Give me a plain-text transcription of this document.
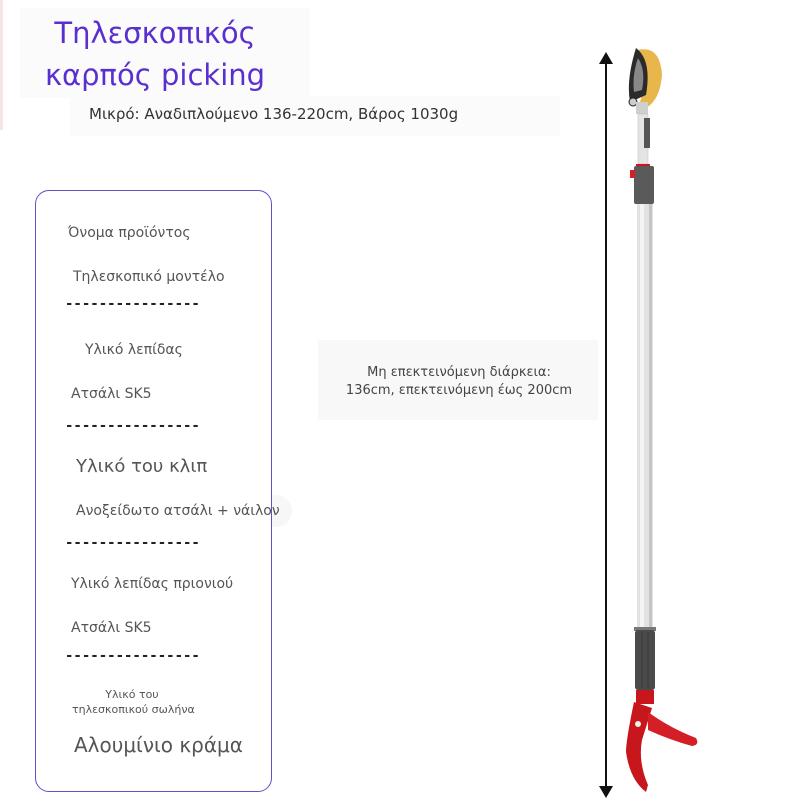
Τηλεσκοπικός καρπός picking
Μικρό: Αναδιπλούμενο 136-220cm, Βάρος 1030g
Όνομα προϊόντος
Τηλεσκοπικό μοντέλο
----------------
Υλικό λεπίδας
Ατσάλι SK5
----------------
Υλικό του κλιπ
Ανοξείδωτο ατσάλι + νάιλον
----------------
Υλικό λεπίδας πριονιού
Ατσάλι SK5
----------------
Υλικό του
τηλεσκοπικού σωλήνα
Αλουμίνιο κράμα
Μη επεκτεινόμενη διάρκεια:
136cm, επεκτεινόμενη έως 200cm
